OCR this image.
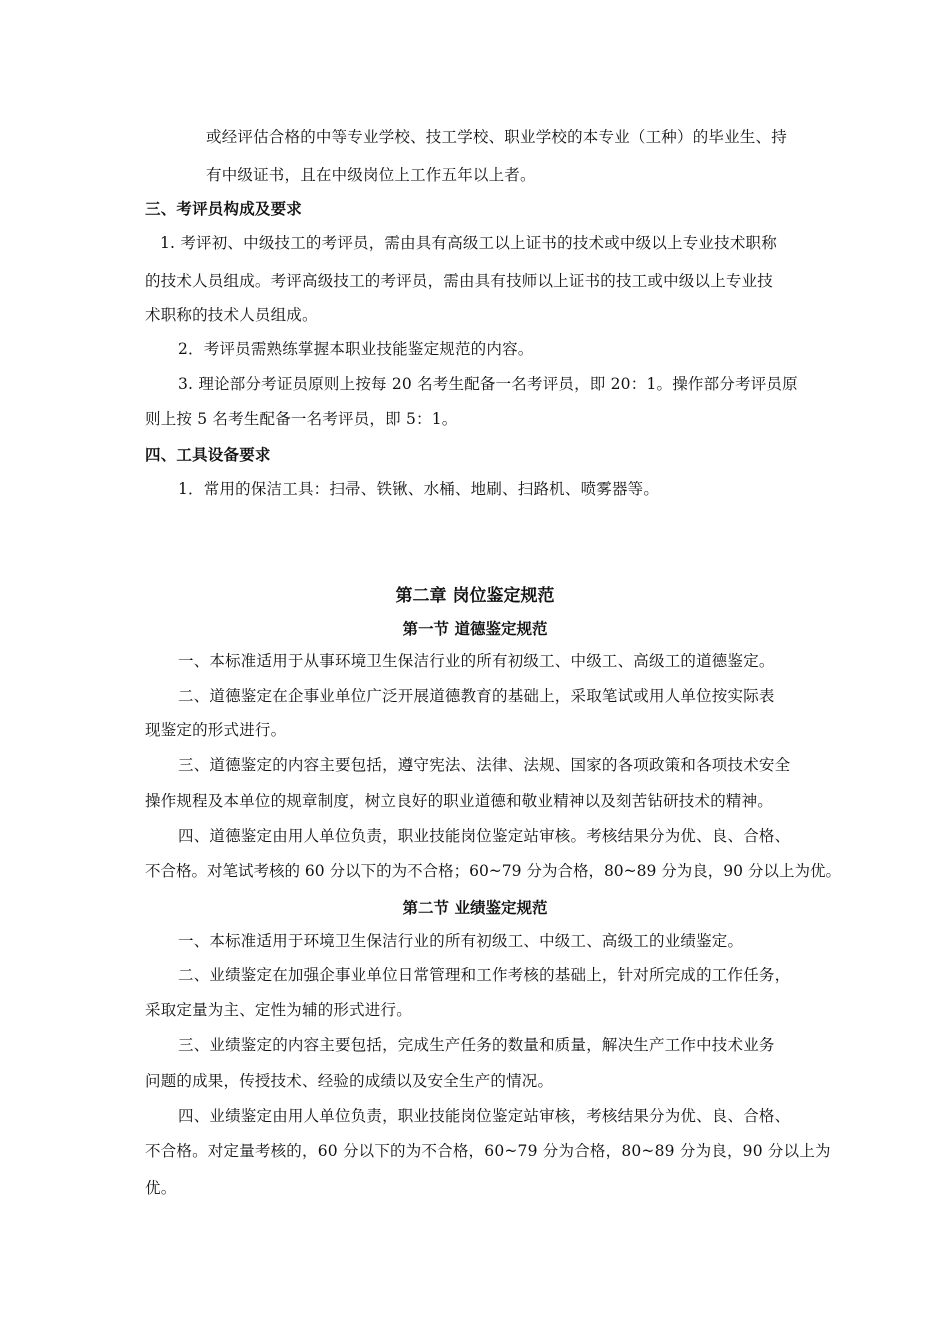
或经评估合格的中等专业学校、技工学校、职业学校的本专业（工种）的毕业生、持
有中级证书，且在中级岗位上工作五年以上者。
三、考评员构成及要求
1. 考评初、中级技工的考评员，需由具有高级工以上证书的技术或中级以上专业技术职称
的技术人员组成。考评高级技工的考评员，需由具有技师以上证书的技工或中级以上专业技
术职称的技术人员组成。
2．考评员需熟练掌握本职业技能鉴定规范的内容。
3. 理论部分考证员原则上按每 20 名考生配备一名考评员，即 20：1。操作部分考评员原
则上按 5 名考生配备一名考评员，即 5：1。
四、工具设备要求
1．常用的保洁工具：扫帚、铁锹、水桶、地刷、扫路机、喷雾器等。
第二章 岗位鉴定规范
第一节 道德鉴定规范
一、本标准适用于从事环境卫生保洁行业的所有初级工、中级工、高级工的道德鉴定。
二、道德鉴定在企事业单位广泛开展道德教育的基础上，采取笔试或用人单位按实际表
现鉴定的形式进行。
三、道德鉴定的内容主要包括，遵守宪法、法律、法规、国家的各项政策和各项技术安全
操作规程及本单位的规章制度，树立良好的职业道德和敬业精神以及刻苦钻研技术的精神。
四、道德鉴定由用人单位负责，职业技能岗位鉴定站审核。考核结果分为优、良、合格、
不合格。对笔试考核的 60 分以下的为不合格；60~79 分为合格，80~89 分为良，90 分以上为优。
第二节 业绩鉴定规范
一、本标准适用于环境卫生保洁行业的所有初级工、中级工、高级工的业绩鉴定。
二、业绩鉴定在加强企事业单位日常管理和工作考核的基础上，针对所完成的工作任务，
采取定量为主、定性为辅的形式进行。
三、业绩鉴定的内容主要包括，完成生产任务的数量和质量，解决生产工作中技术业务
问题的成果，传授技术、经验的成绩以及安全生产的情况。
四、业绩鉴定由用人单位负责，职业技能岗位鉴定站审核，考核结果分为优、良、合格、
不合格。对定量考核的，60 分以下的为不合格，60~79 分为合格，80~89 分为良，90 分以上为
优。
